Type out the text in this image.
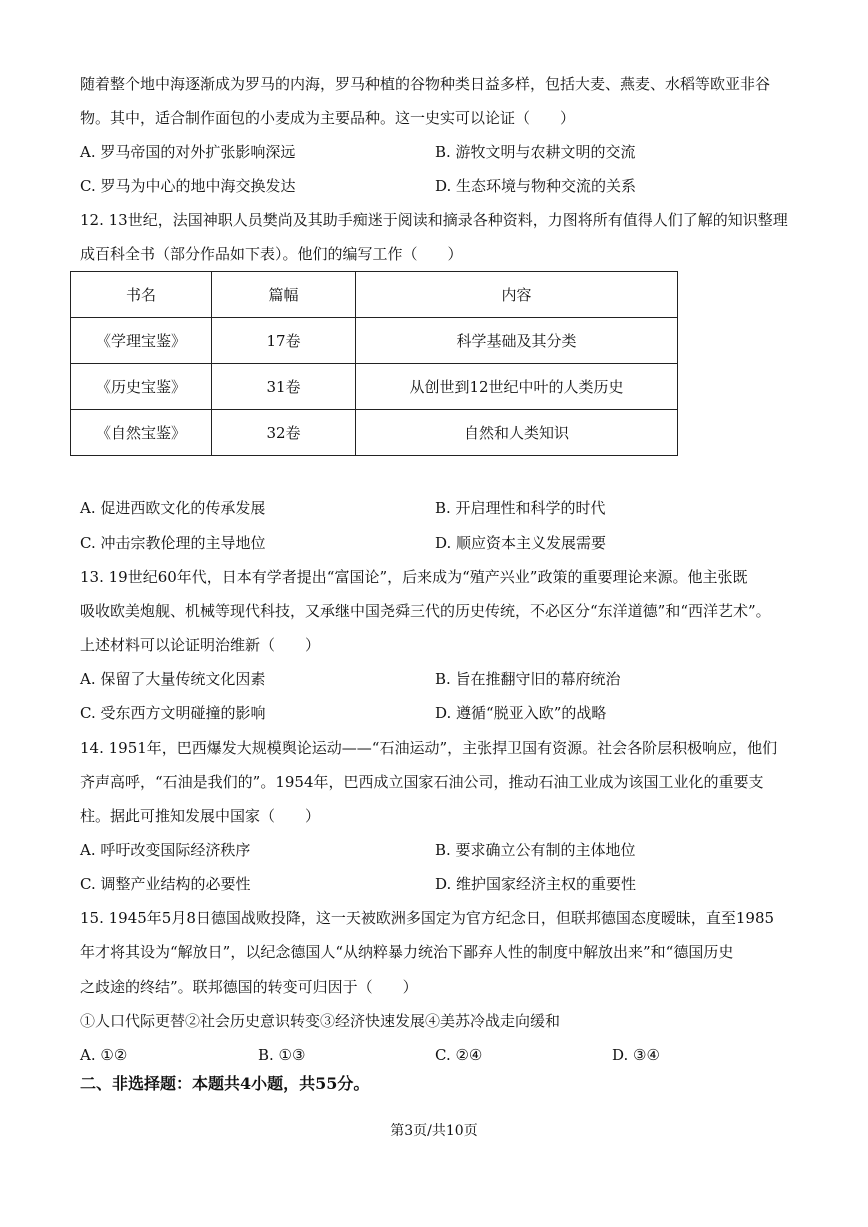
随着整个地中海逐渐成为罗马的内海，罗马种植的谷物种类日益多样，包括大麦、燕麦、水稻等欧亚非谷
物。其中，适合制作面包的小麦成为主要品种。这一史实可以论证（　　）
A. 罗马帝国的对外扩张影响深远	B. 游牧文明与农耕文明的交流
C. 罗马为中心的地中海交换发达	D. 生态环境与物种交流的关系
12. 13世纪，法国神职人员樊尚及其助手痴迷于阅读和摘录各种资料，力图将所有值得人们了解的知识整理
成百科全书（部分作品如下表）。他们的编写工作（　　）
书名	篇幅	内容
《学理宝鉴》	17卷	科学基础及其分类
《历史宝鉴》	31卷	从创世到12世纪中叶的人类历史
《自然宝鉴》	32卷	自然和人类知识
A. 促进西欧文化的传承发展	B. 开启理性和科学的时代
C. 冲击宗教伦理的主导地位	D. 顺应资本主义发展需要
13. 19世纪60年代，日本有学者提出“富国论”，后来成为“殖产兴业”政策的重要理论来源。他主张既
吸收欧美炮舰、机械等现代科技，又承继中国尧舜三代的历史传统，不必区分“东洋道德”和“西洋艺术”。
上述材料可以论证明治维新（　　）
A. 保留了大量传统文化因素	B. 旨在推翻守旧的幕府统治
C. 受东西方文明碰撞的影响	D. 遵循“脱亚入欧”的战略
14. 1951年，巴西爆发大规模舆论运动——“石油运动”，主张捍卫国有资源。社会各阶层积极响应，他们
齐声高呼，“石油是我们的”。1954年，巴西成立国家石油公司，推动石油工业成为该国工业化的重要支
柱。据此可推知发展中国家（　　）
A. 呼吁改变国际经济秩序	B. 要求确立公有制的主体地位
C. 调整产业结构的必要性	D. 维护国家经济主权的重要性
15. 1945年5月8日德国战败投降，这一天被欧洲多国定为官方纪念日，但联邦德国态度暧昧，直至1985
年才将其设为“解放日”，以纪念德国人“从纳粹暴力统治下鄙弃人性的制度中解放出来”和“德国历史
之歧途的终结”。联邦德国的转变可归因于（　　）
①人口代际更替②社会历史意识转变③经济快速发展④美苏冷战走向缓和
A. ①②	B. ①③	C. ②④	D. ③④
二、非选择题：本题共4小题，共55分。
第3页/共10页
